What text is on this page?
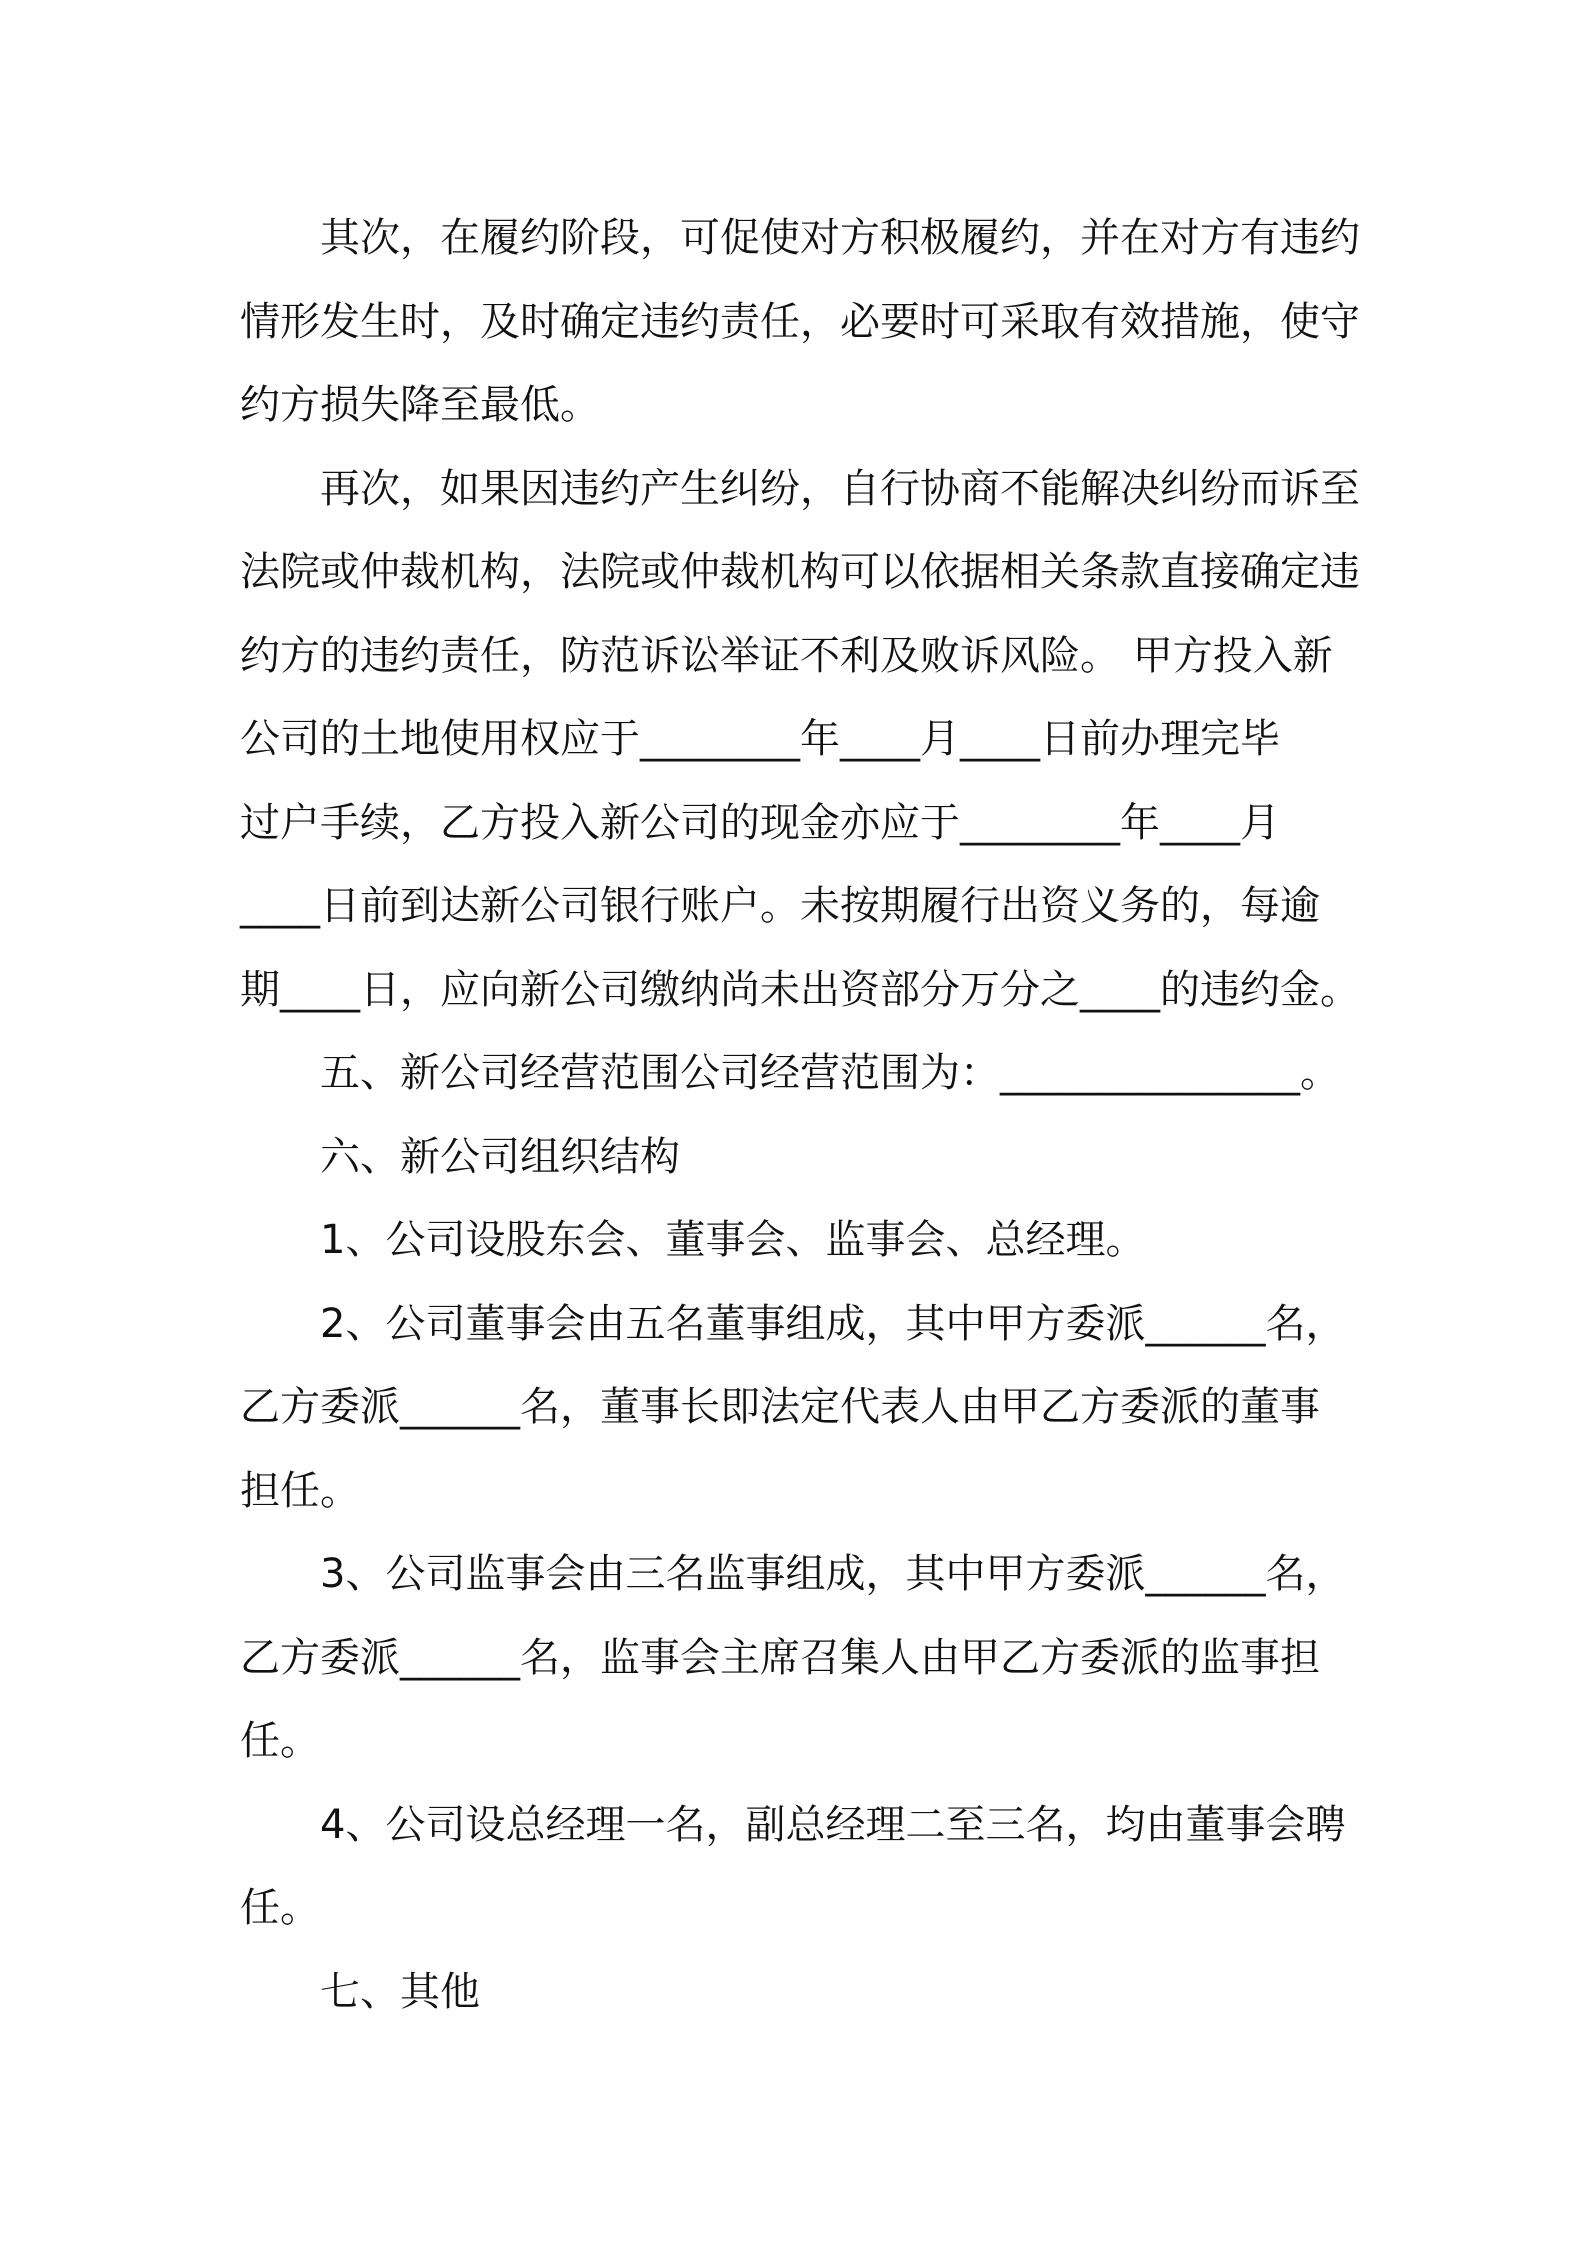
其次，在履约阶段，可促使对方积极履约，并在对方有违约
情形发生时，及时确定违约责任，必要时可采取有效措施，使守
约方损失降至最低。
再次，如果因违约产生纠纷，自行协商不能解决纠纷而诉至
法院或仲裁机构，法院或仲裁机构可以依据相关条款直接确定违
约方的违约责任，防范诉讼举证不利及败诉风险。 甲方投入新
公司的土地使用权应于________年____月____日前办理完毕
过户手续，乙方投入新公司的现金亦应于________年____月
____日前到达新公司银行账户。未按期履行出资义务的，每逾
期____日，应向新公司缴纳尚未出资部分万分之____的违约金。
五、新公司经营范围公司经营范围为：_______________。
六、新公司组织结构
1、公司设股东会、董事会、监事会、总经理。
2、公司董事会由五名董事组成，其中甲方委派______名，
乙方委派______名，董事长即法定代表人由甲乙方委派的董事
担任。
3、公司监事会由三名监事组成，其中甲方委派______名，
乙方委派______名，监事会主席召集人由甲乙方委派的监事担
任。
4、公司设总经理一名，副总经理二至三名，均由董事会聘
任。
七、其他
